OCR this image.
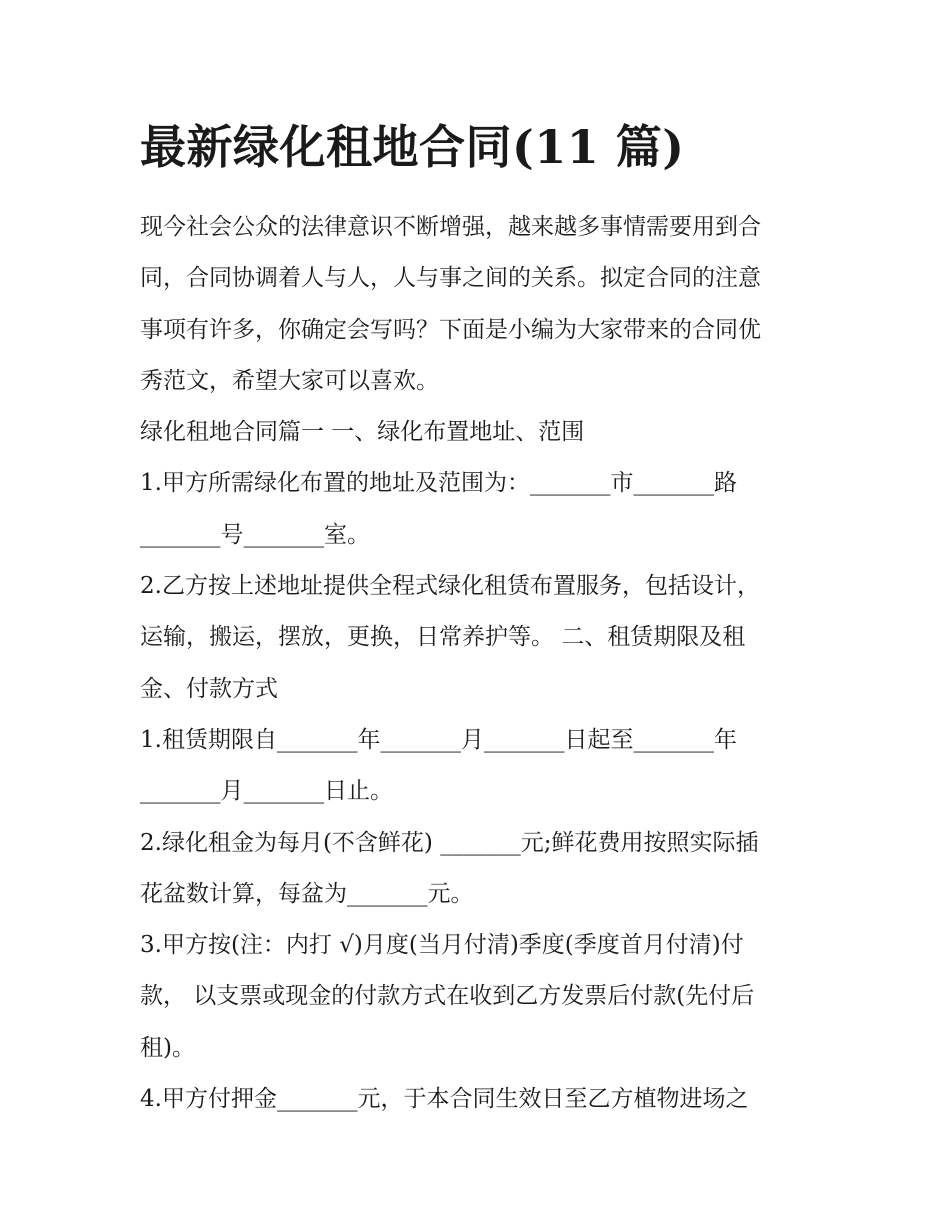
最新绿化租地合同(11 篇)
现今社会公众的法律意识不断增强，越来越多事情需要用到合
同，合同协调着人与人，人与事之间的关系。拟定合同的注意
事项有许多，你确定会写吗？下面是小编为大家带来的合同优
秀范文，希望大家可以喜欢。
绿化租地合同篇一 一、绿化布置地址、范围
1.甲方所需绿化布置的地址及范围为：_______市_______路
_______号_______室。
2.乙方按上述地址提供全程式绿化租赁布置服务，包括设计，
运输，搬运，摆放，更换，日常养护等。 二、租赁期限及租
金、付款方式
1.租赁期限自_______年_______月_______日起至_______年
_______月_______日止。
2.绿化租金为每月(不含鲜花) _______元;鲜花费用按照实际插
花盆数计算，每盆为_______元。
3.甲方按(注：内打 √)月度(当月付清)季度(季度首月付清)付
款， 以支票或现金的付款方式在收到乙方发票后付款(先付后
租)。
4.甲方付押金_______元，于本合同生效日至乙方植物进场之
